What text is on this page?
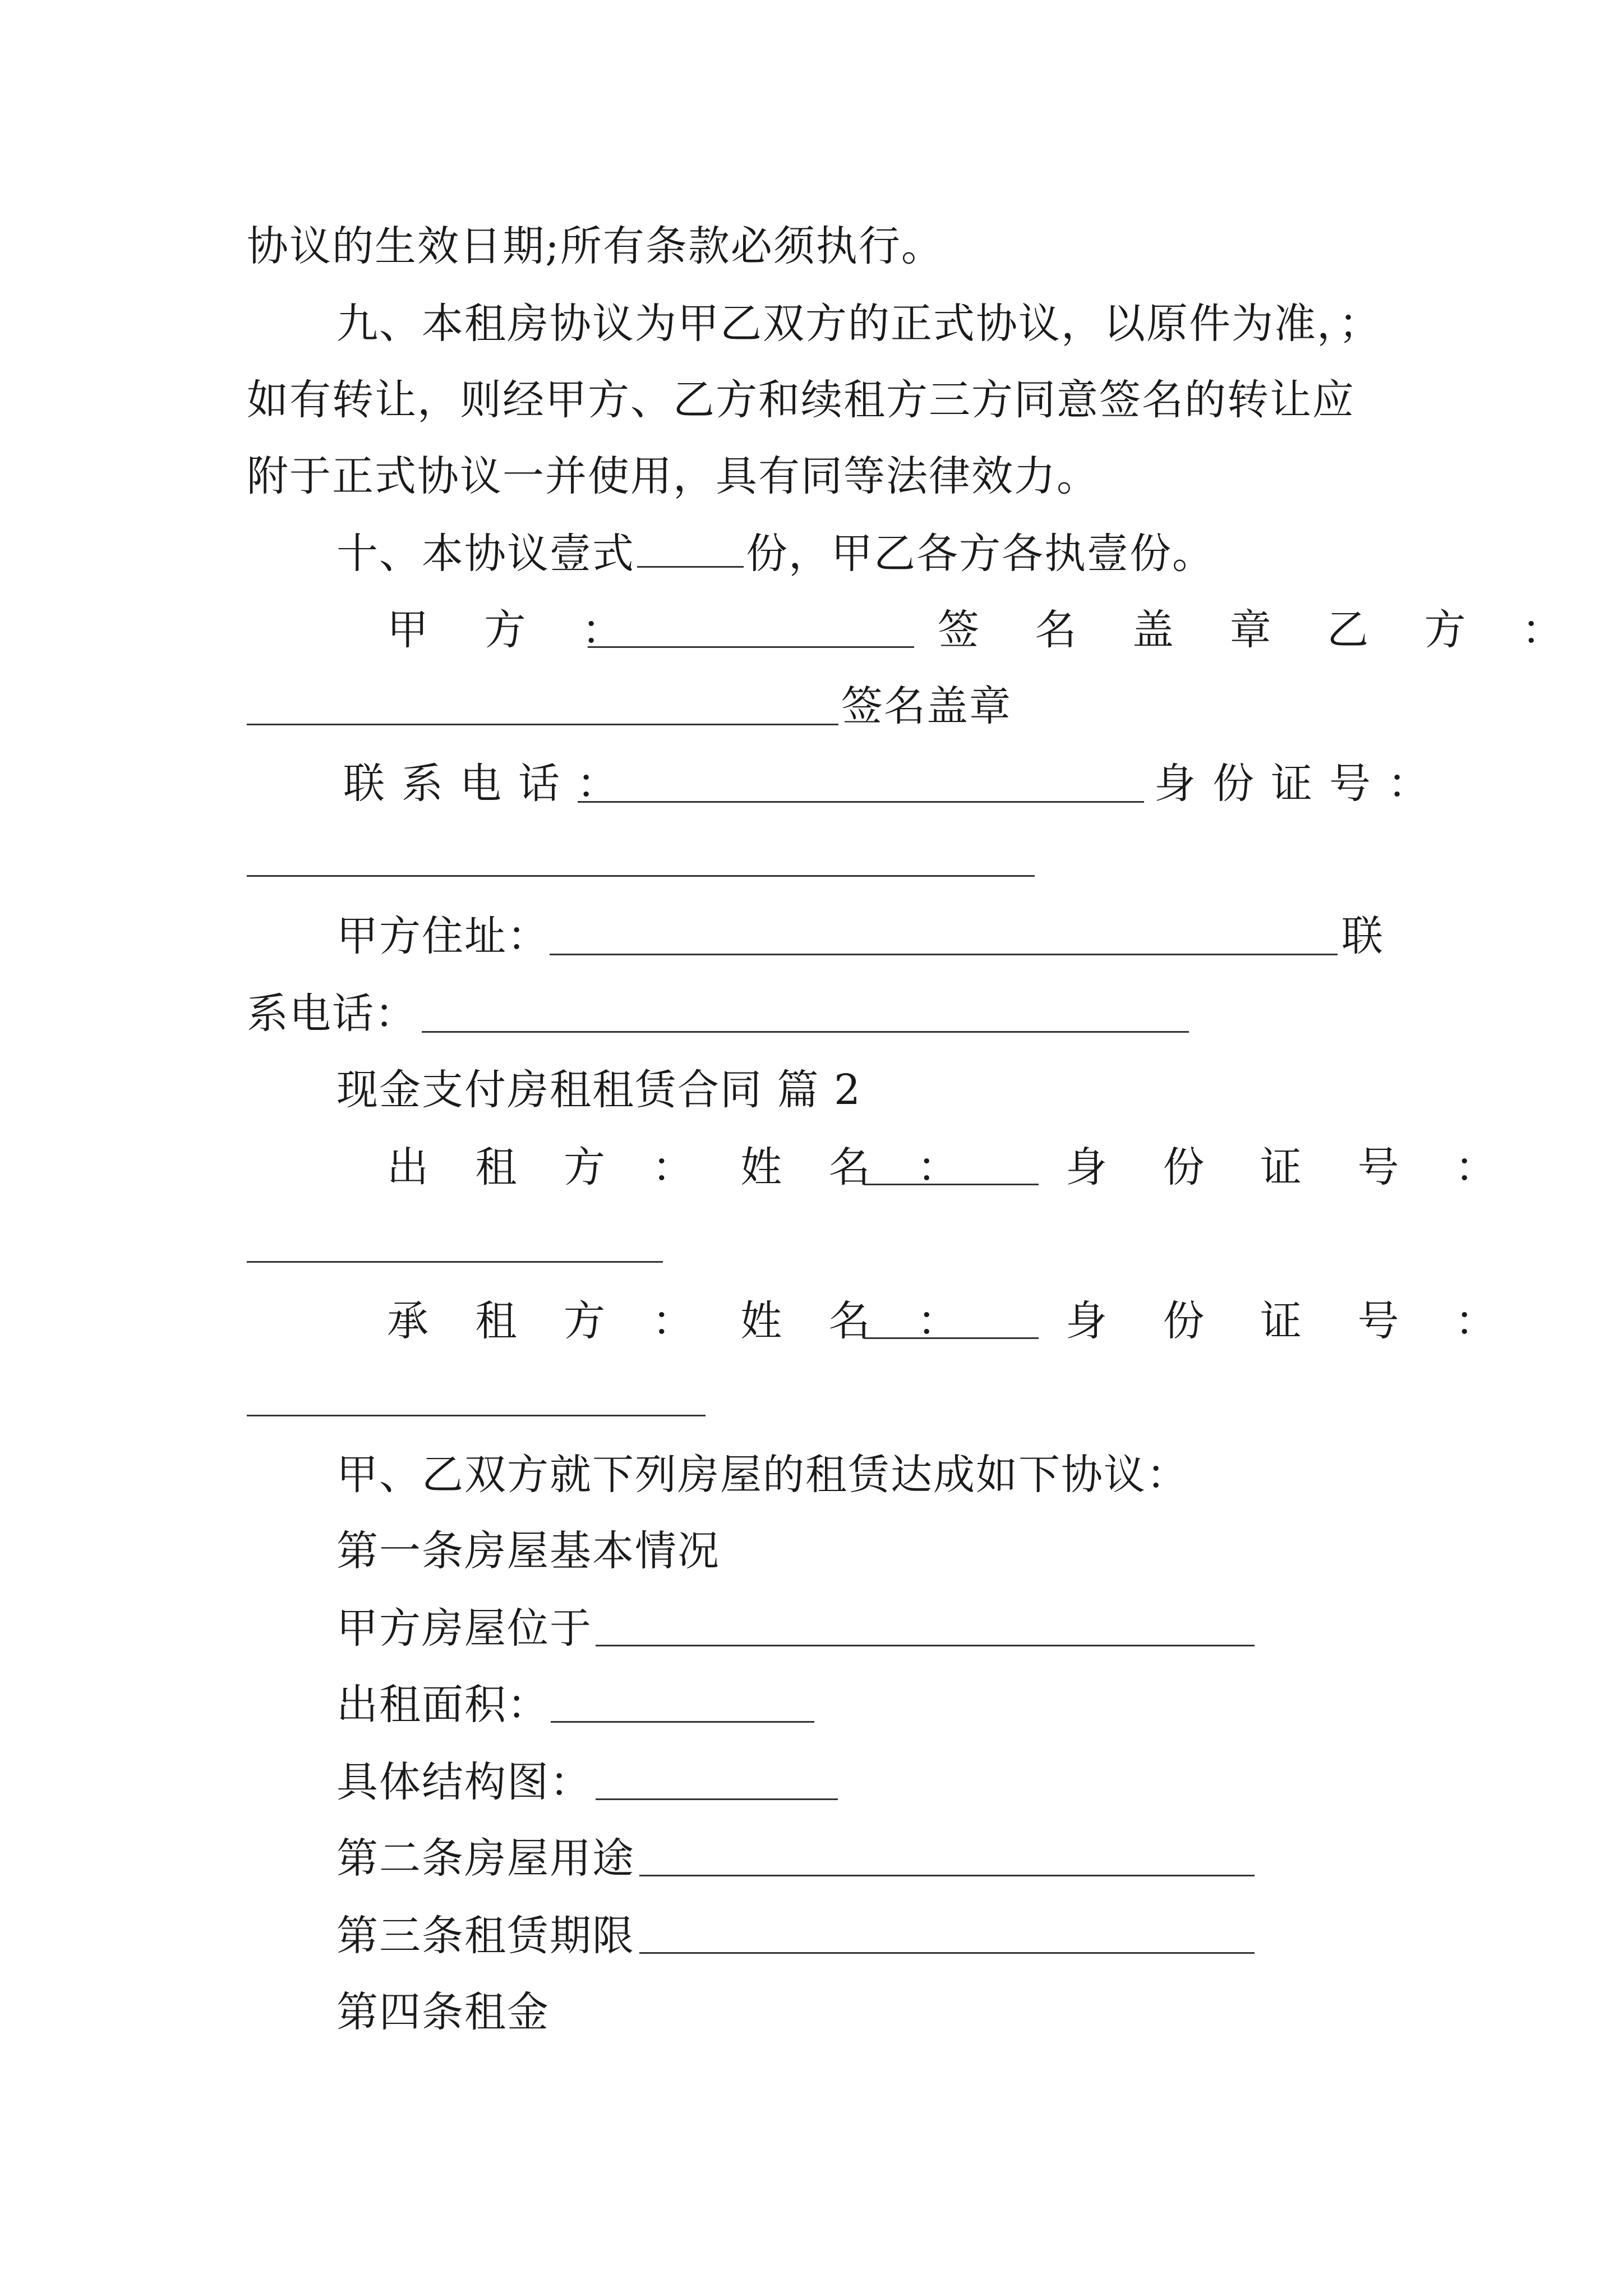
协议的生效日期;所有条款必须执行。
九、本租房协议为甲乙双方的正式协议，以原件为准，；
如有转让，则经甲方、乙方和续租方三方同意签名的转让应
附于正式协议一并使用，具有同等法律效力。
十、本协议壹式	份，甲乙各方各执壹份。
甲 方 ：	签 名 盖 章 乙 方 ：
签名盖章
联系电话：	身份证号：
甲方住址：	联
系电话：
现金支付房租租赁合同 篇 2
出 租 方 ： 姓 名 ： 身 份 证 号 ：
承 租 方 ： 姓 名 ： 身 份 证 号 ：
甲、乙双方就下列房屋的租赁达成如下协议：
第一条房屋基本情况
甲方房屋位于
出租面积：
具体结构图：
第二条房屋用途
第三条租赁期限
第四条租金
